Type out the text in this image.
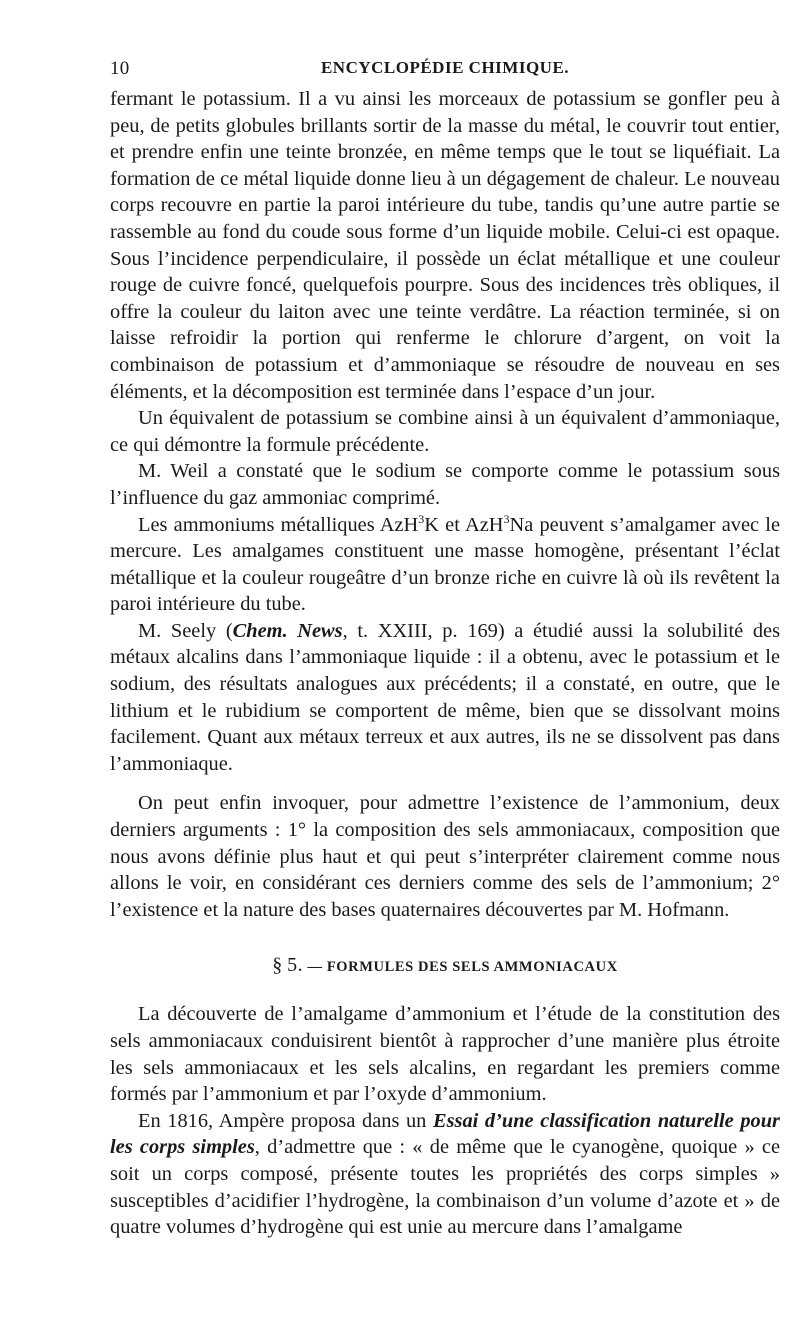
10	ENCYCLOPÉDIE CHIMIQUE.

fermant le potassium. Il a vu ainsi les morceaux de potassium se gonfler peu à peu, de petits globules brillants sortir de la masse du métal, le couvrir tout entier, et prendre enfin une teinte bronzée, en même temps que le tout se liquéfiait. La formation de ce métal liquide donne lieu à un dégagement de chaleur. Le nouveau corps recouvre en partie la paroi intérieure du tube, tandis qu’une autre partie se rassemble au fond du coude sous forme d’un liquide mobile. Celui-ci est opaque. Sous l’incidence perpendiculaire, il possède un éclat métallique et une couleur rouge de cuivre foncé, quelquefois pourpre. Sous des incidences très obliques, il offre la couleur du laiton avec une teinte verdâtre. La réaction terminée, si on laisse refroidir la portion qui renferme le chlorure d’argent, on voit la combinaison de potassium et d’ammoniaque se résoudre de nouveau en ses éléments, et la décomposition est terminée dans l’espace d’un jour.

Un équivalent de potassium se combine ainsi à un équivalent d’ammoniaque, ce qui démontre la formule précédente.

M. Weil a constaté que le sodium se comporte comme le potassium sous l’influence du gaz ammoniac comprimé.

Les ammoniums métalliques AzH$^3$K et AzH$^3$Na peuvent s’amalgamer avec le mercure. Les amalgames constituent une masse homogène, présentant l’éclat métallique et la couleur rougeâtre d’un bronze riche en cuivre là où ils revêtent la paroi intérieure du tube.

M. Seely (Chem. News, t. XXIII, p. 169) a étudié aussi la solubilité des métaux alcalins dans l’ammoniaque liquide : il a obtenu, avec le potassium et le sodium, des résultats analogues aux précédents; il a constaté, en outre, que le lithium et le rubidium se comportent de même, bien que se dissolvant moins facilement. Quant aux métaux terreux et aux autres, ils ne se dissolvent pas dans l’ammoniaque.

On peut enfin invoquer, pour admettre l’existence de l’ammonium, deux derniers arguments : 1° la composition des sels ammoniacaux, composition que nous avons définie plus haut et qui peut s’interpréter clairement comme nous allons le voir, en considérant ces derniers comme des sels de l’ammonium; 2° l’existence et la nature des bases quaternaires découvertes par M. Hofmann.

§ 5. — FORMULES DES SELS AMMONIACAUX

La découverte de l’amalgame d’ammonium et l’étude de la constitution des sels ammoniacaux conduisirent bientôt à rapprocher d’une manière plus étroite les sels ammoniacaux et les sels alcalins, en regardant les premiers comme formés par l’ammonium et par l’oxyde d’ammonium.

En 1816, Ampère proposa dans un Essai d’une classification naturelle pour les corps simples, d’admettre que : « de même que le cyanogène, quoique » ce soit un corps composé, présente toutes les propriétés des corps simples » susceptibles d’acidifier l’hydrogène, la combinaison d’un volume d’azote et » de quatre volumes d’hydrogène qui est unie au mercure dans l’amalgame
